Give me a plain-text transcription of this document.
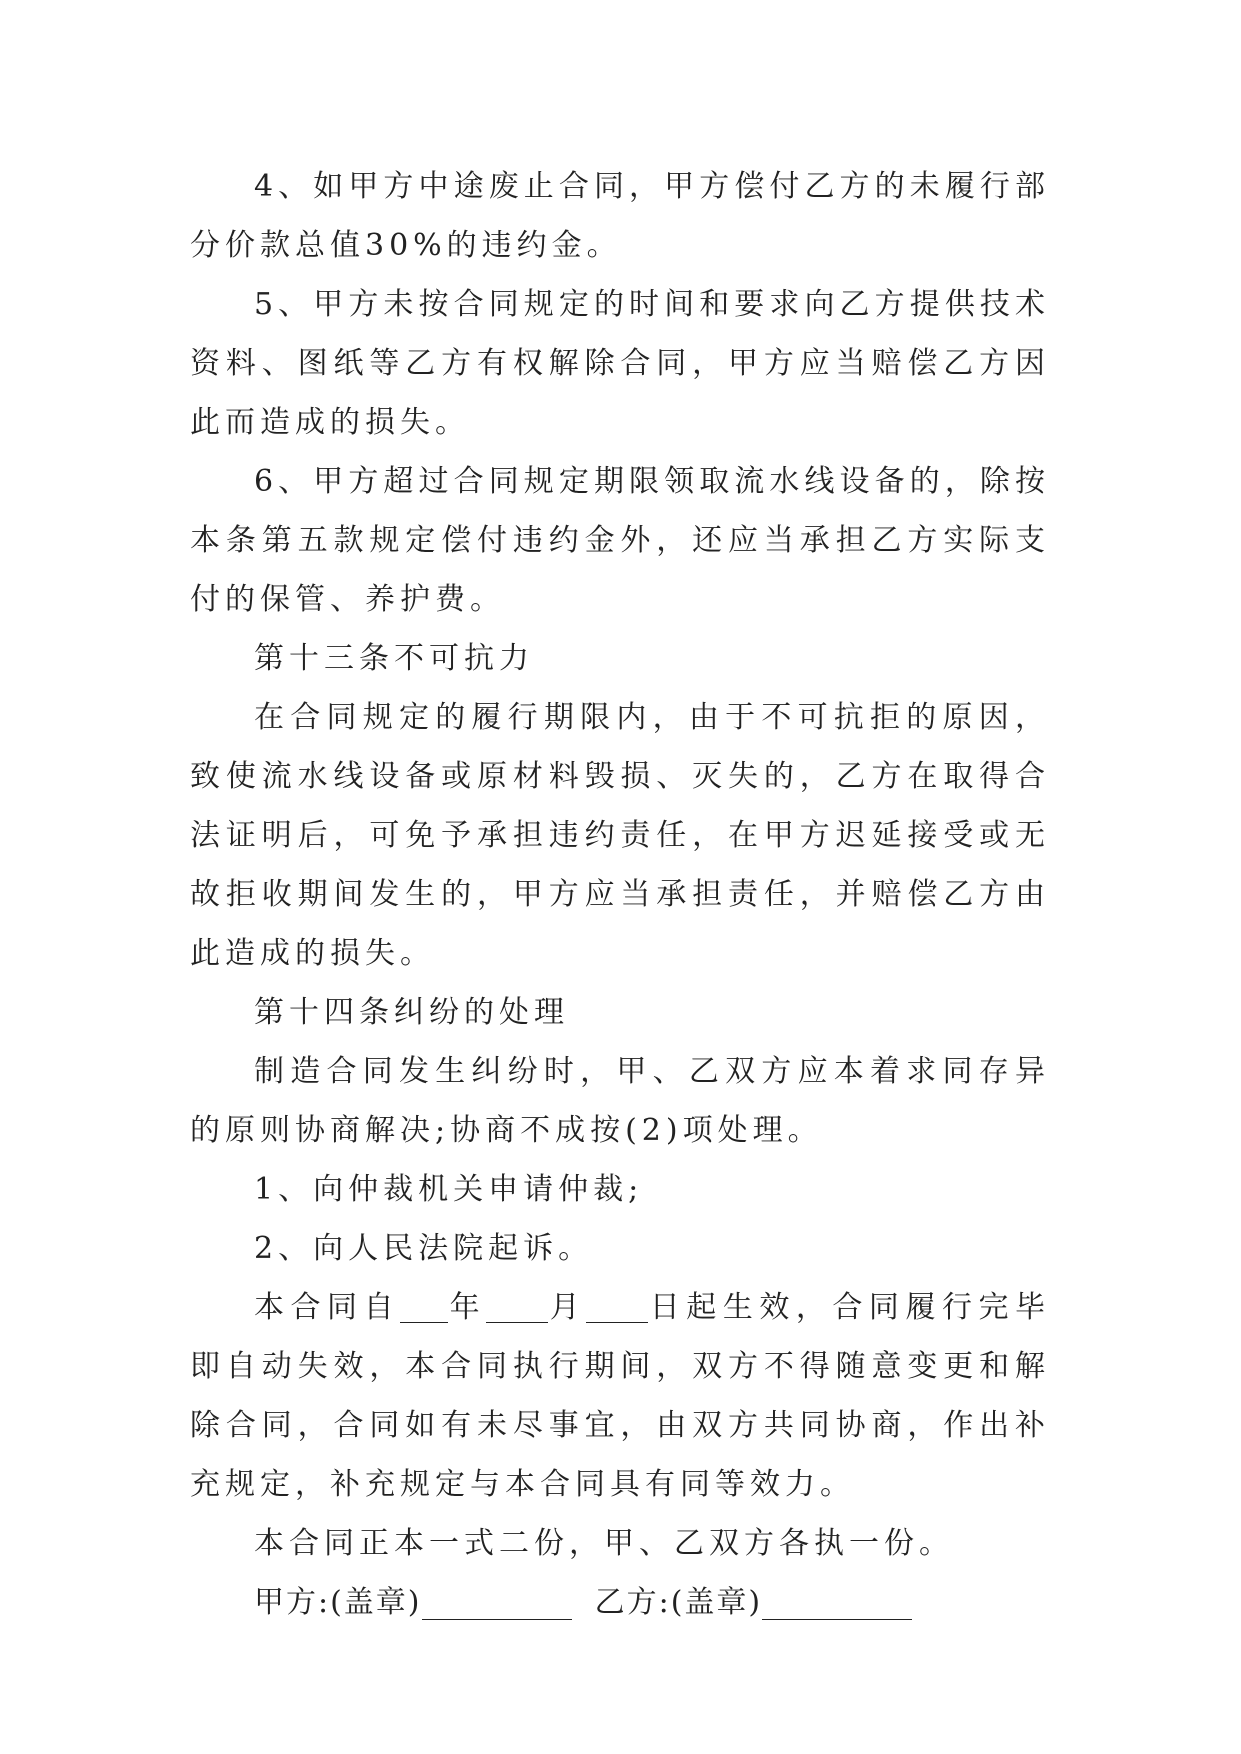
4、如甲方中途废止合同，甲方偿付乙方的未履行部分价款总值30%的违约金。

5、甲方未按合同规定的时间和要求向乙方提供技术资料、图纸等乙方有权解除合同，甲方应当赔偿乙方因此而造成的损失。

6、甲方超过合同规定期限领取流水线设备的，除按本条第五款规定偿付违约金外，还应当承担乙方实际支付的保管、养护费。

第十三条不可抗力

在合同规定的履行期限内，由于不可抗拒的原因，致使流水线设备或原材料毁损、灭失的，乙方在取得合法证明后，可免予承担违约责任，在甲方迟延接受或无故拒收期间发生的，甲方应当承担责任，并赔偿乙方由此造成的损失。

第十四条纠纷的处理

制造合同发生纠纷时，甲、乙双方应本着求同存异的原则协商解决;协商不成按(2)项处理。

1、向仲裁机关申请仲裁;

2、向人民法院起诉。

本合同自 年 月 日起生效，合同履行完毕即自动失效，本合同执行期间，双方不得随意变更和解除合同，合同如有未尽事宜，由双方共同协商，作出补充规定，补充规定与本合同具有同等效力。

本合同正本一式二份，甲、乙双方各执一份。

甲方:(盖章)	乙方:(盖章)
